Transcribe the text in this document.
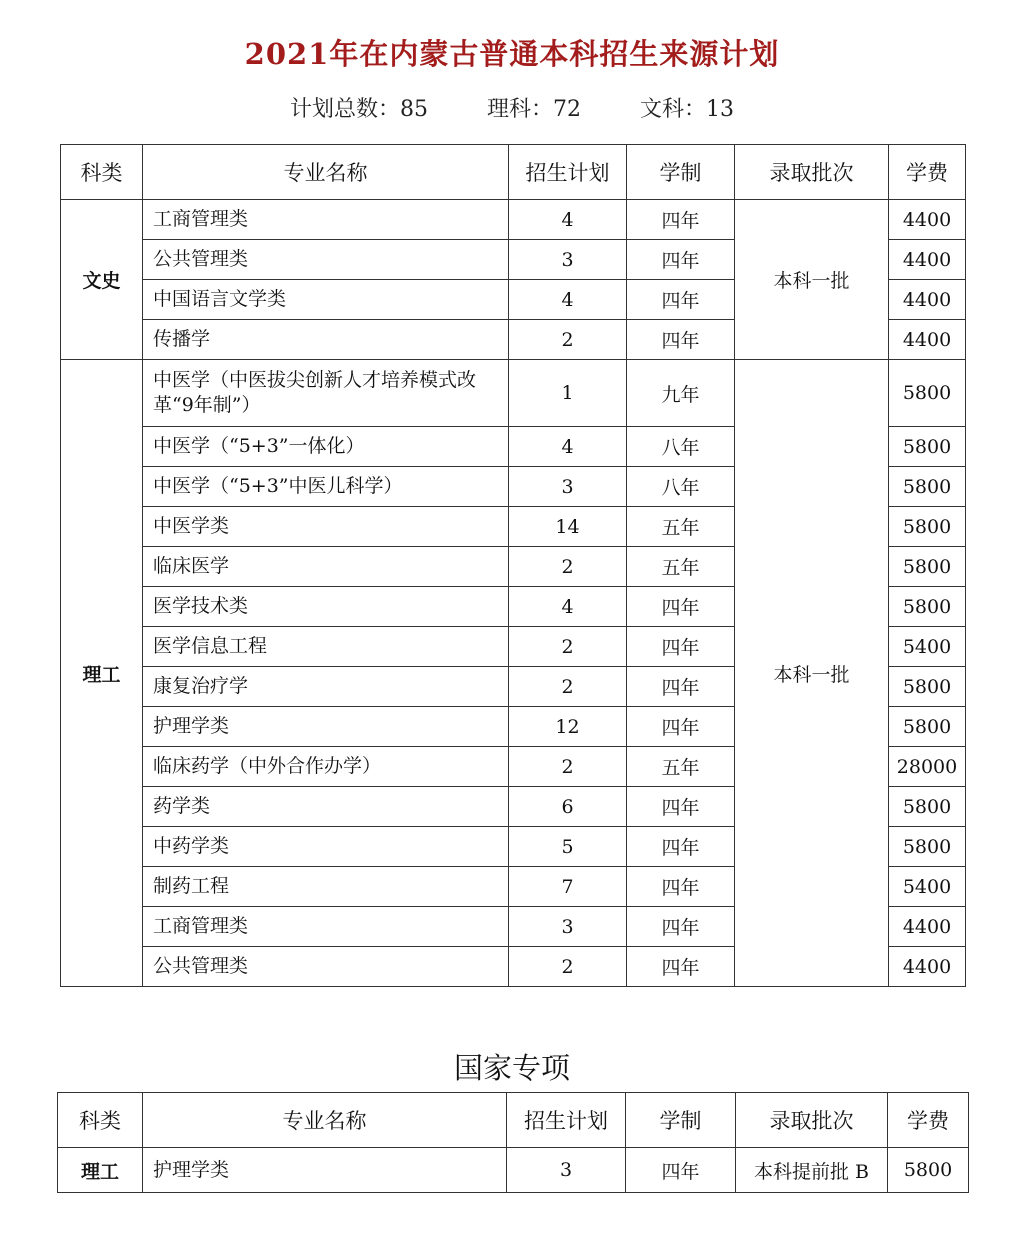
2021年在内蒙古普通本科招生来源计划
计划总数：85	理科：72	文科：13
科类	专业名称	招生计划	学制	录取批次	学费
文史	工商管理类	4	四年	本科一批	4400
	公共管理类	3	四年		4400
	中国语言文学类	4	四年		4400
	传播学	2	四年		4400
理工	中医学（中医拔尖创新人才培养模式改革“9年制”）	1	九年	本科一批	5800
	中医学（“5+3”一体化）	4	八年		5800
	中医学（“5+3”中医儿科学）	3	八年		5800
	中医学类	14	五年		5800
	临床医学	2	五年		5800
	医学技术类	4	四年		5800
	医学信息工程	2	四年		5400
	康复治疗学	2	四年		5800
	护理学类	12	四年		5800
	临床药学（中外合作办学）	2	五年		28000
	药学类	6	四年		5800
	中药学类	5	四年		5800
	制药工程	7	四年		5400
	工商管理类	3	四年		4400
	公共管理类	2	四年		4400
国家专项
科类	专业名称	招生计划	学制	录取批次	学费
理工	护理学类	3	四年	本科提前批 B	5800
